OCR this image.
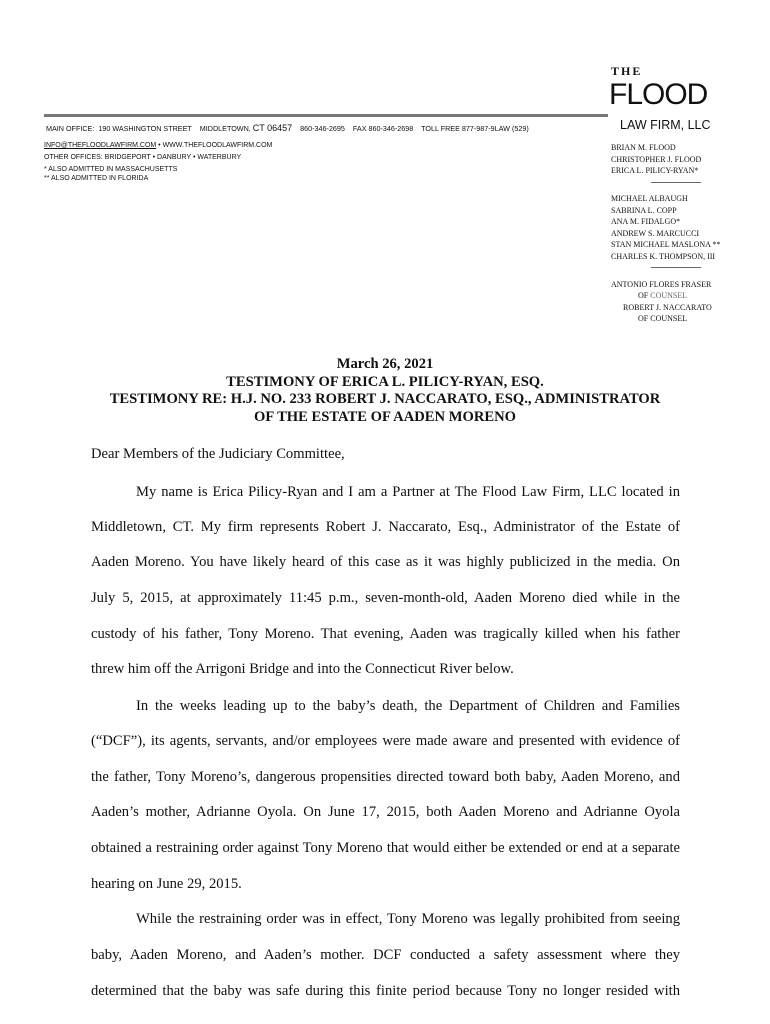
THE
FLOOD
LAW FIRM, LLC
MAIN OFFICE: 190 WASHINGTON STREET MIDDLETOWN, CT 06457 860-346-2695 FAX 860-346-2698 TOLL FREE 877-987-9LAW (529)
INFO@THEFLOODLAWFIRM.COM • WWW.THEFLOODLAWFIRM.COM
OTHER OFFICES: BRIDGEPORT • DANBURY • WATERBURY
* ALSO ADMITTED IN MASSACHUSETTS
** ALSO ADMITTED IN FLORIDA
BRIAN M. FLOOD
CHRISTOPHER J. FLOOD
ERICA L. PILICY-RYAN*
MICHAEL ALBAUGH
SABRINA L. COPP
ANA M. FIDALGO*
ANDREW S. MARCUCCI
STAN MICHAEL MASLONA **
CHARLES K. THOMPSON, III
ANTONIO FLORES FRASER
OF COUNSEL
ROBERT J. NACCARATO
OF COUNSEL
March 26, 2021
TESTIMONY OF ERICA L. PILICY-RYAN, ESQ.
TESTIMONY RE: H.J. NO. 233 ROBERT J. NACCARATO, ESQ., ADMINISTRATOR
OF THE ESTATE OF AADEN MORENO
Dear Members of the Judiciary Committee,
My name is Erica Pilicy-Ryan and I am a Partner at The Flood Law Firm, LLC located in
Middletown, CT. My firm represents Robert J. Naccarato, Esq., Administrator of the Estate of
Aaden Moreno. You have likely heard of this case as it was highly publicized in the media. On
July 5, 2015, at approximately 11:45 p.m., seven-month-old, Aaden Moreno died while in the
custody of his father, Tony Moreno. That evening, Aaden was tragically killed when his father
threw him off the Arrigoni Bridge and into the Connecticut River below.
In the weeks leading up to the baby’s death, the Department of Children and Families
(“DCF”), its agents, servants, and/or employees were made aware and presented with evidence of
the father, Tony Moreno’s, dangerous propensities directed toward both baby, Aaden Moreno, and
Aaden’s mother, Adrianne Oyola. On June 17, 2015, both Aaden Moreno and Adrianne Oyola
obtained a restraining order against Tony Moreno that would either be extended or end at a separate
hearing on June 29, 2015.
While the restraining order was in effect, Tony Moreno was legally prohibited from seeing
baby, Aaden Moreno, and Aaden’s mother. DCF conducted a safety assessment where they
determined that the baby was safe during this finite period because Tony no longer resided with
